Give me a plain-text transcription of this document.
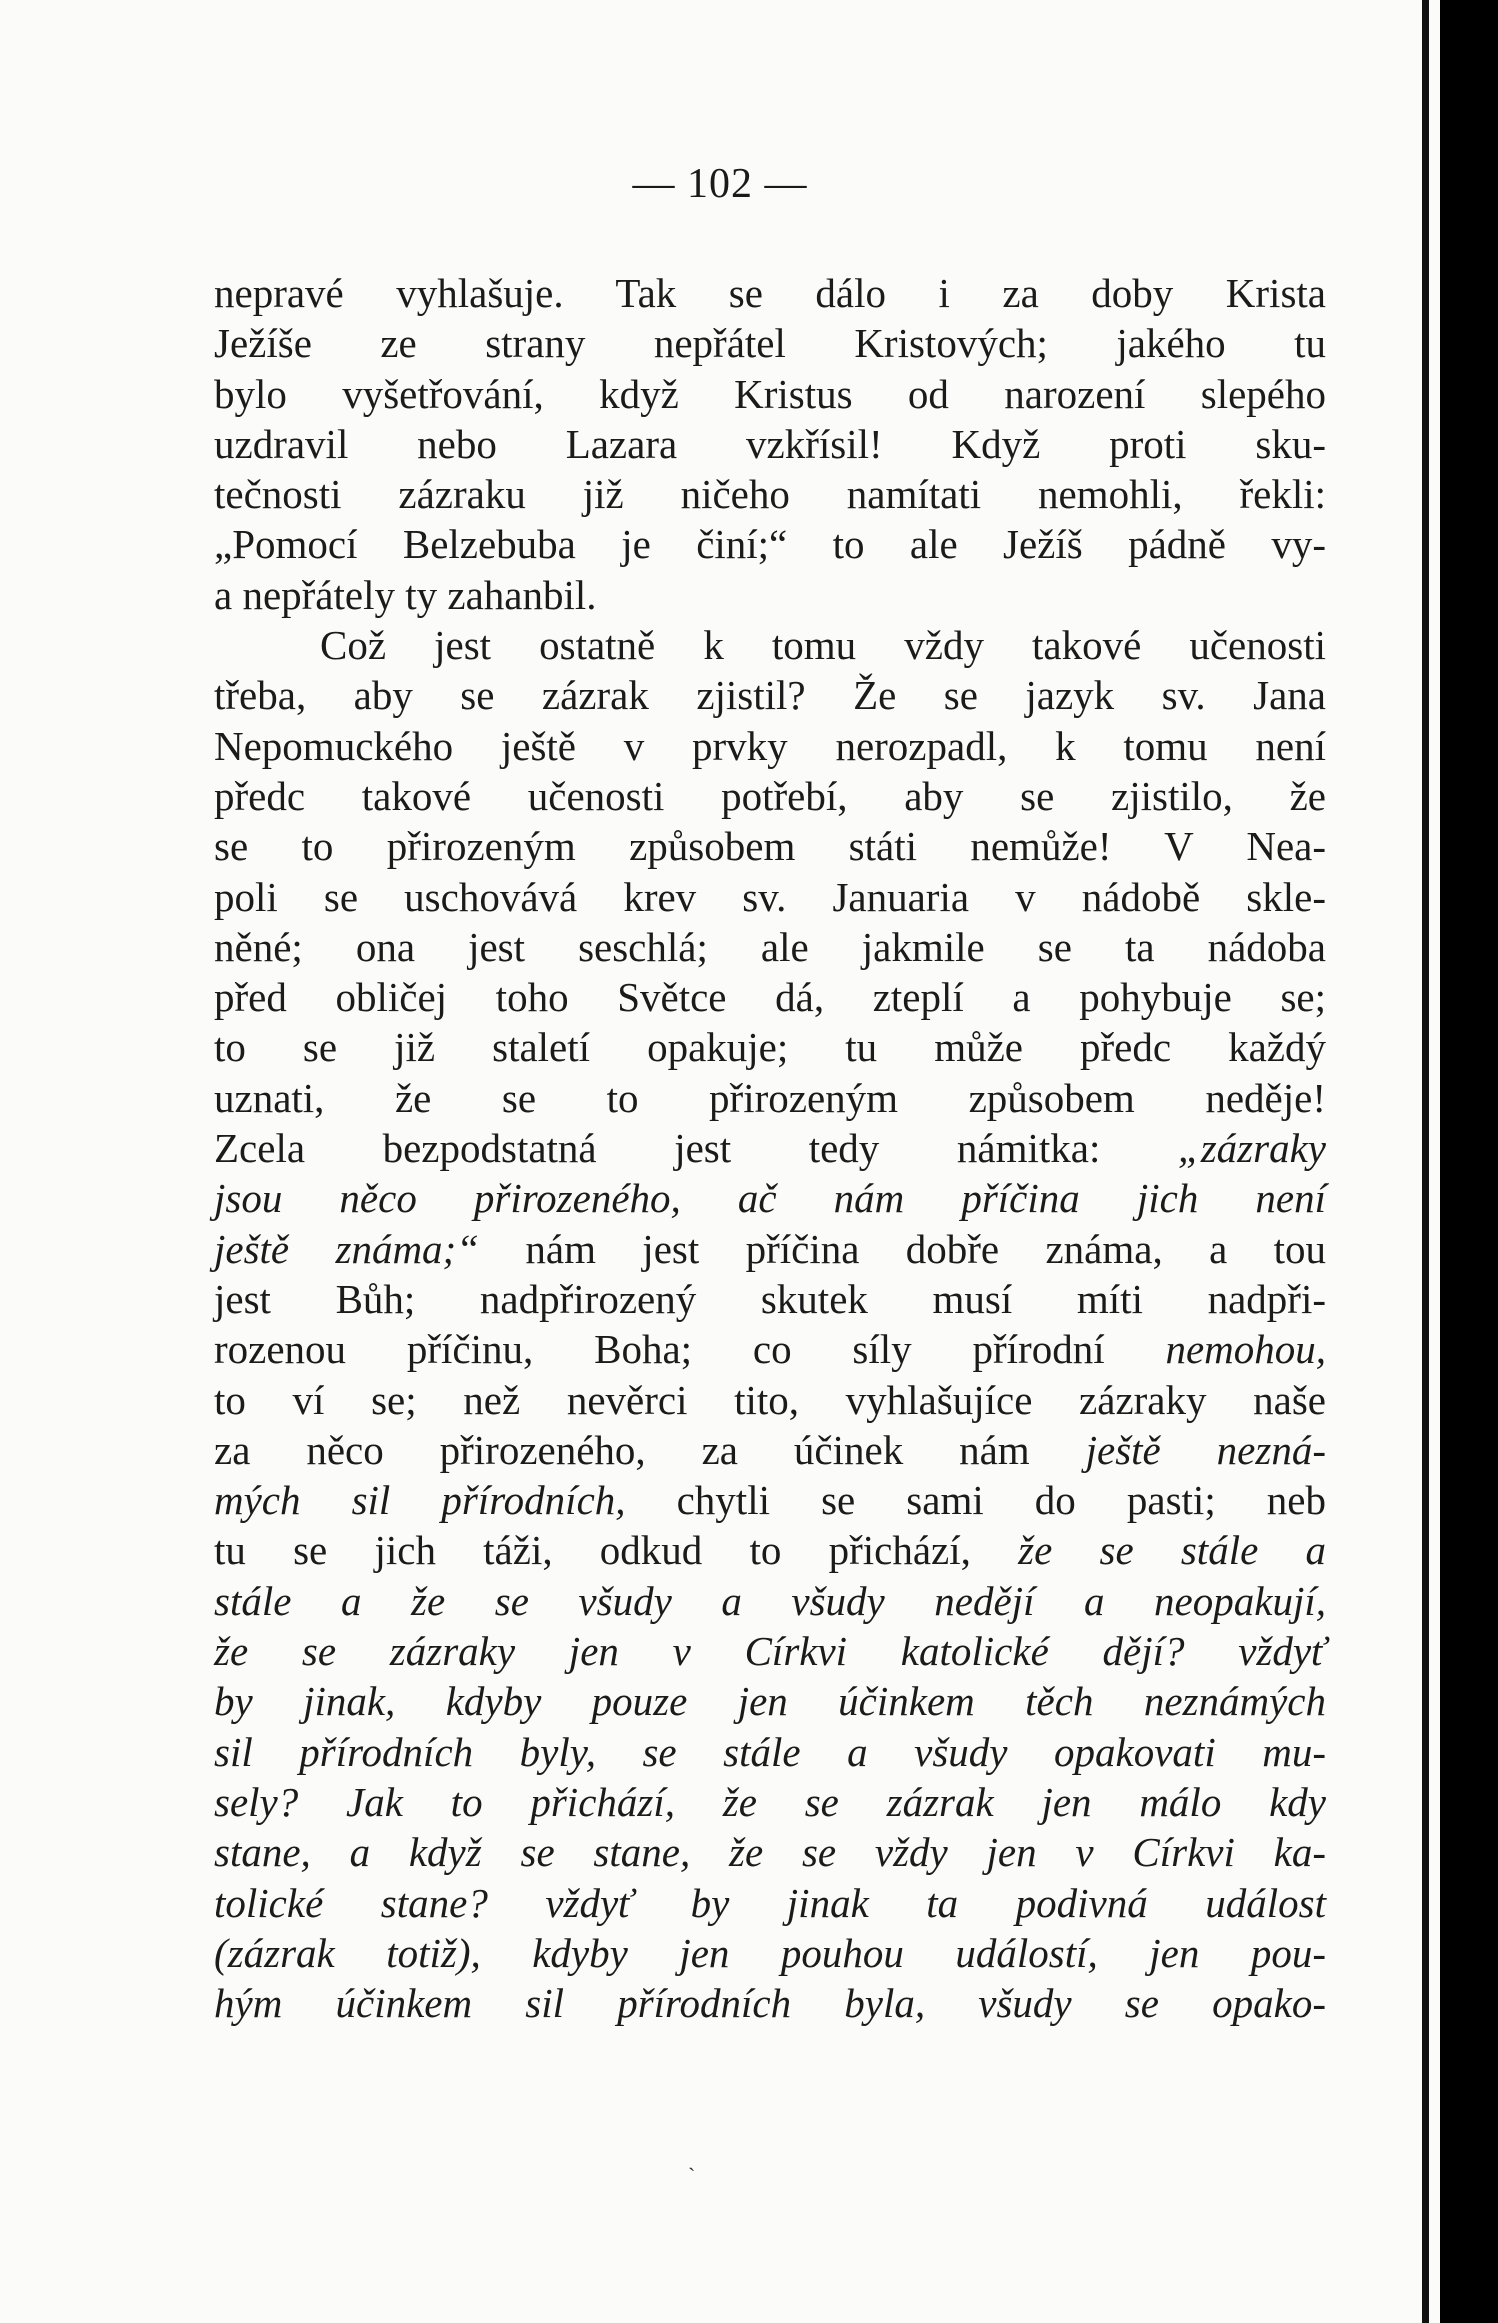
— 102 —
nepravé vyhlašuje. Tak se dálo i za doby Krista
Ježíše ze strany nepřátel Kristových; jakého tu
bylo vyšetřování, když Kristus od narození slepého
uzdravil nebo Lazara vzkřísil! Když proti sku-
tečnosti zázraku již ničeho namítati nemohli, řekli:
„Pomocí Belzebuba je činí;“ to ale Ježíš pádně vy-
a nepřátely ty zahanbil.
Což jest ostatně k tomu vždy takové učenosti
třeba, aby se zázrak zjistil? Že se jazyk sv. Jana
Nepomuckého ještě v prvky nerozpadl, k tomu není
předc takové učenosti potřebí, aby se zjistilo, že
se to přirozeným způsobem státi nemůže! V Nea-
poli se uschovává krev sv. Januaria v nádobě skle-
něné; ona jest seschlá; ale jakmile se ta nádoba
před obličej toho Světce dá, zteplí a pohybuje se;
to se již staletí opakuje; tu může předc každý
uznati, že se to přirozeným způsobem neděje!
Zcela bezpodstatná jest tedy námitka: „zázraky
jsou něco přirozeného, ač nám příčina jich není
ještě známa;“ nám jest příčina dobře známa, a tou
jest Bůh; nadpřirozený skutek musí míti nadpři-
rozenou příčinu, Boha; co síly přírodní nemohou,
to ví se; než nevěrci tito, vyhlašujíce zázraky naše
za něco přirozeného, za účinek nám ještě nezná-
mých sil přírodních, chytli se sami do pasti; neb
tu se jich táži, odkud to přichází, že se stále a
stále a že se všudy a všudy nedějí a neopakují,
že se zázraky jen v Církvi katolické dějí? vždyť
by jinak, kdyby pouze jen účinkem těch neznámých
sil přírodních byly, se stále a všudy opakovati mu-
sely? Jak to přichází, že se zázrak jen málo kdy
stane, a když se stane, že se vždy jen v Církvi ka-
tolické stane? vždyť by jinak ta podivná událost
(zázrak totiž), kdyby jen pouhou událostí, jen pou-
hým účinkem sil přírodních byla, všudy se opako-
ˎ
